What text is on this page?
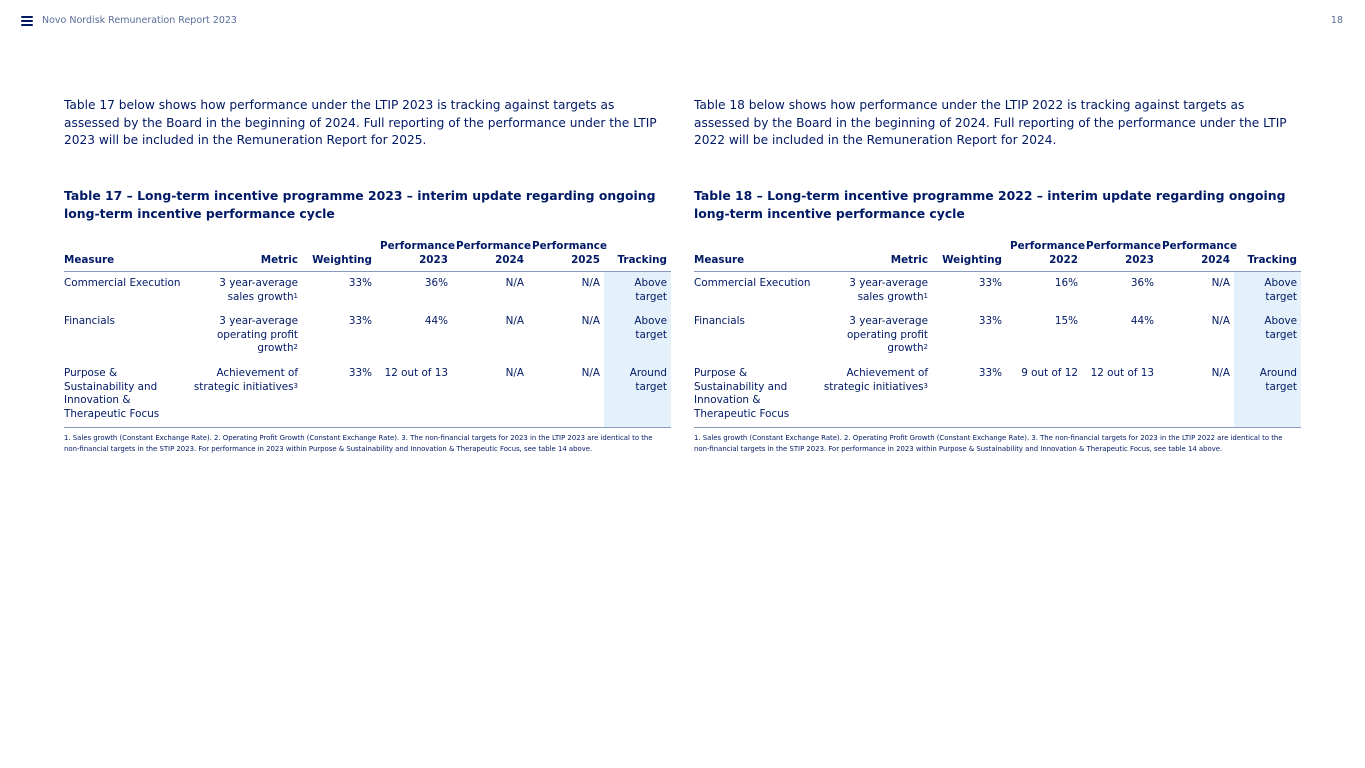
Novo Nordisk Remuneration Report 2023	18

Table 17 below shows how performance under the LTIP 2023 is tracking against targets as assessed by the Board in the beginning of 2024. Full reporting of the performance under the LTIP 2023 will be included in the Remuneration Report for 2025.

Table 17 – Long-term incentive programme 2023 – interim update regarding ongoing long-term incentive performance cycle
Measure	Metric	Weighting	Performance 2023	Performance 2024	Performance 2025	Tracking
Commercial Execution	3 year-average sales growth$^1$	33%	36%	N/A	N/A	Above target
Financials	3 year-average operating profit growth$^2$	33%	44%	N/A	N/A	Above target
Purpose & Sustainability and Innovation & Therapeutic Focus	Achievement of strategic initiatives$^3$	33%	12 out of 13	N/A	N/A	Around target

1. Sales growth (Constant Exchange Rate). 2. Operating Profit Growth (Constant Exchange Rate). 3. The non-financial targets for 2023 in the LTIP 2023 are identical to the non-financial targets in the STIP 2023. For performance in 2023 within Purpose & Sustainability and Innovation & Therapeutic Focus, see table 14 above.

Table 18 below shows how performance under the LTIP 2022 is tracking against targets as assessed by the Board in the beginning of 2024. Full reporting of the performance under the LTIP 2022 will be included in the Remuneration Report for 2024.

Table 18 – Long-term incentive programme 2022 – interim update regarding ongoing long-term incentive performance cycle
Measure	Metric	Weighting	Performance 2022	Performance 2023	Performance 2024	Tracking
Commercial Execution	3 year-average sales growth$^1$	33%	16%	36%	N/A	Above target
Financials	3 year-average operating profit growth$^2$	33%	15%	44%	N/A	Above target
Purpose & Sustainability and Innovation & Therapeutic Focus	Achievement of strategic initiatives$^3$	33%	9 out of 12	12 out of 13	N/A	Around target

1. Sales growth (Constant Exchange Rate). 2. Operating Profit Growth (Constant Exchange Rate). 3. The non-financial targets for 2023 in the LTIP 2022 are identical to the non-financial targets in the STIP 2023. For performance in 2023 within Purpose & Sustainability and Innovation & Therapeutic Focus, see table 14 above.
